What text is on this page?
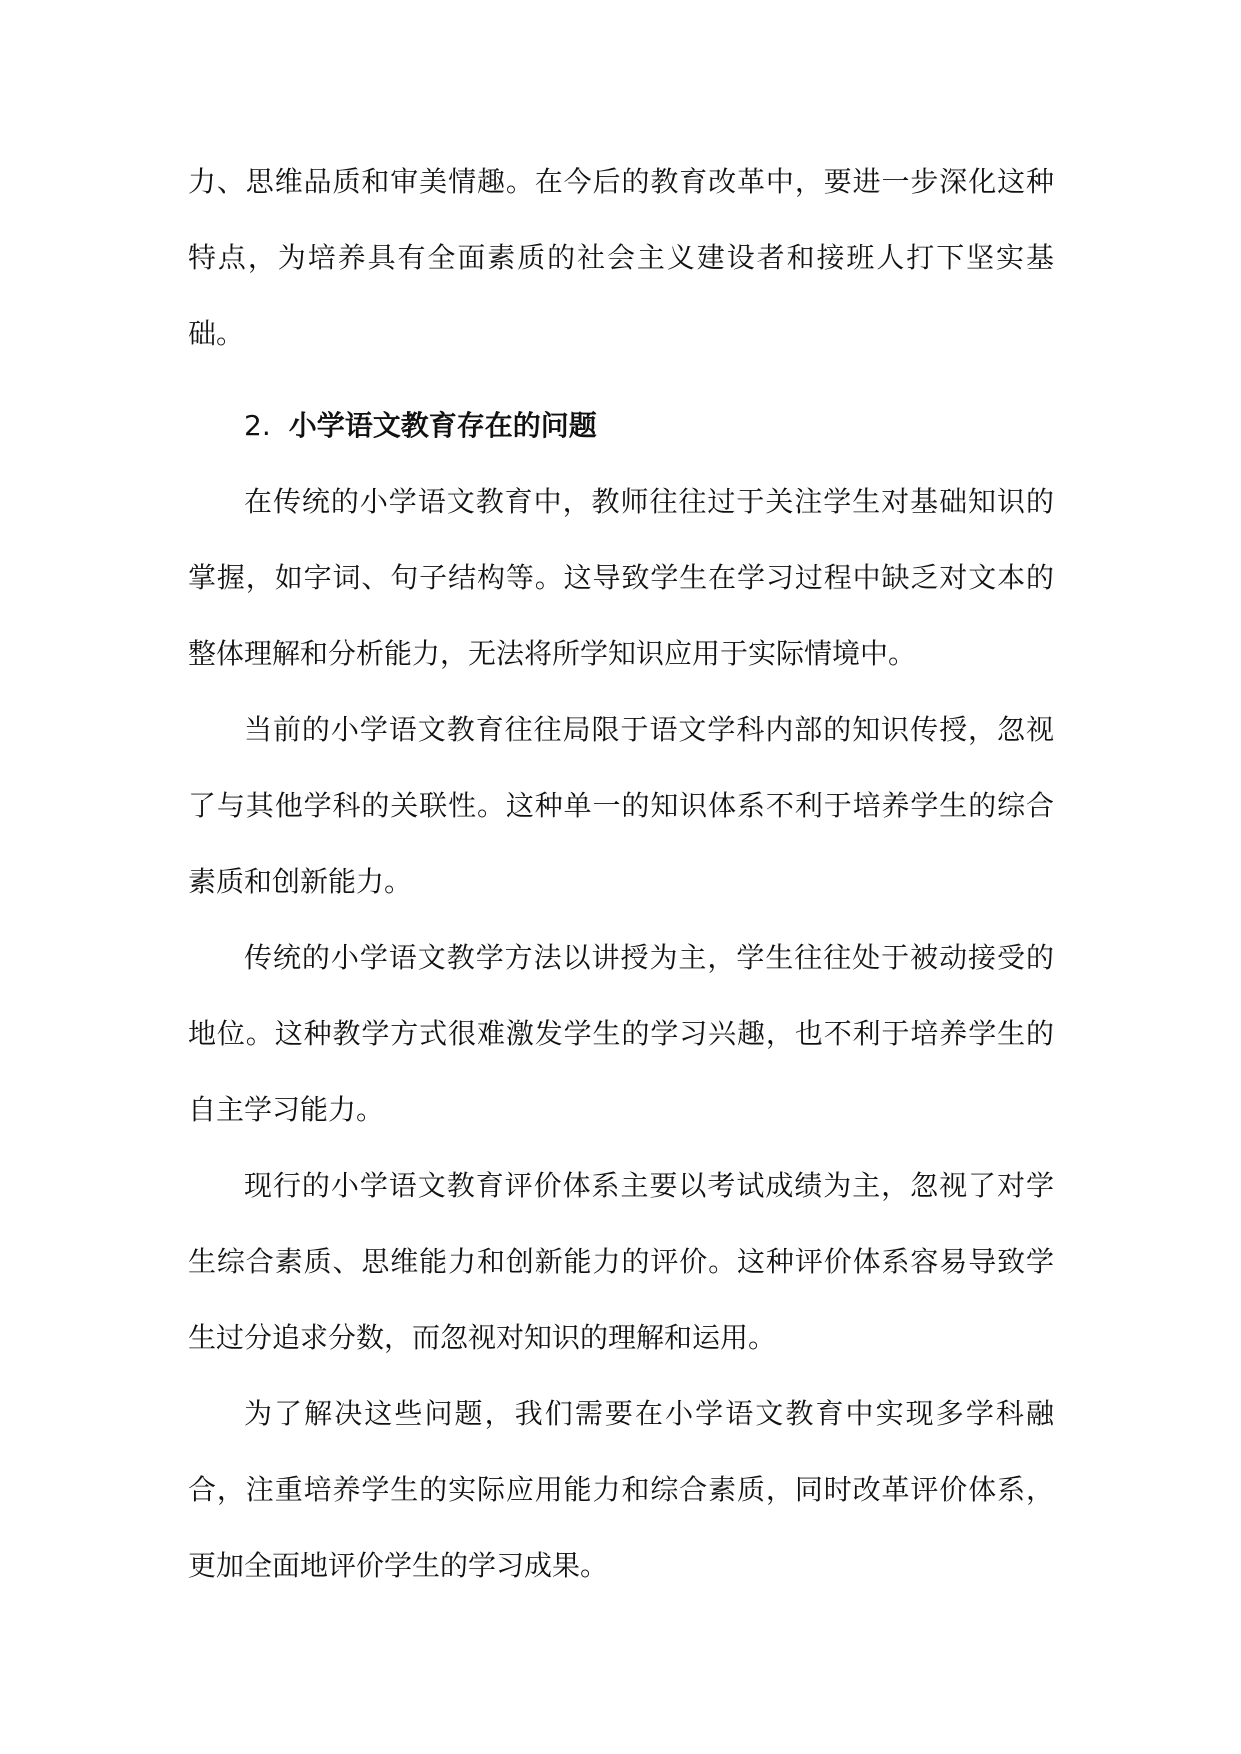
力、思维品质和审美情趣。在今后的教育改革中，要进一步深化这种特点，为培养具有全面素质的社会主义建设者和接班人打下坚实基础。

2. 小学语文教育存在的问题

在传统的小学语文教育中，教师往往过于关注学生对基础知识的掌握，如字词、句子结构等。这导致学生在学习过程中缺乏对文本的整体理解和分析能力，无法将所学知识应用于实际情境中。

当前的小学语文教育往往局限于语文学科内部的知识传授，忽视了与其他学科的关联性。这种单一的知识体系不利于培养学生的综合素质和创新能力。

传统的小学语文教学方法以讲授为主，学生往往处于被动接受的地位。这种教学方式很难激发学生的学习兴趣，也不利于培养学生的自主学习能力。

现行的小学语文教育评价体系主要以考试成绩为主，忽视了对学生综合素质、思维能力和创新能力的评价。这种评价体系容易导致学生过分追求分数，而忽视对知识的理解和运用。

为了解决这些问题，我们需要在小学语文教育中实现多学科融合，注重培养学生的实际应用能力和综合素质，同时改革评价体系，更加全面地评价学生的学习成果。
